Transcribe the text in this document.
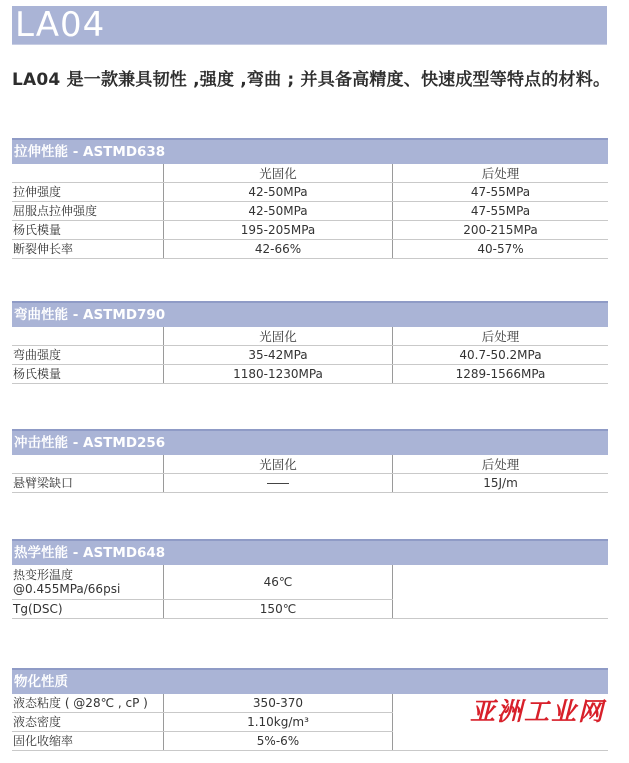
LA04
LA04 是一款兼具韧性 ,强度 ,弯曲 ; 并具备高精度、快速成型等特点的材料。
拉伸性能 - ASTMD638
	光固化	后处理
拉伸强度	42-50MPa	47-55MPa
屈服点拉伸强度	42-50MPa	47-55MPa
杨氏模量	195-205MPa	200-215MPa
断裂伸长率	42-66%	40-57%
弯曲性能 - ASTMD790
	光固化	后处理
弯曲强度	35-42MPa	40.7-50.2MPa
杨氏模量	1180-1230MPa	1289-1566MPa
冲击性能 - ASTMD256
	光固化	后处理
悬臂梁缺口		15J/m
热学性能 - ASTMD648
热变形温度
@0.455MPa/66psi	46℃	
Tg(DSC)	150℃	
物化性质
液态粘度 ( @28℃ , cP )	350-370	
液态密度	1.10kg/m³	
固化收缩率	5%-6%	
亚洲工业网
